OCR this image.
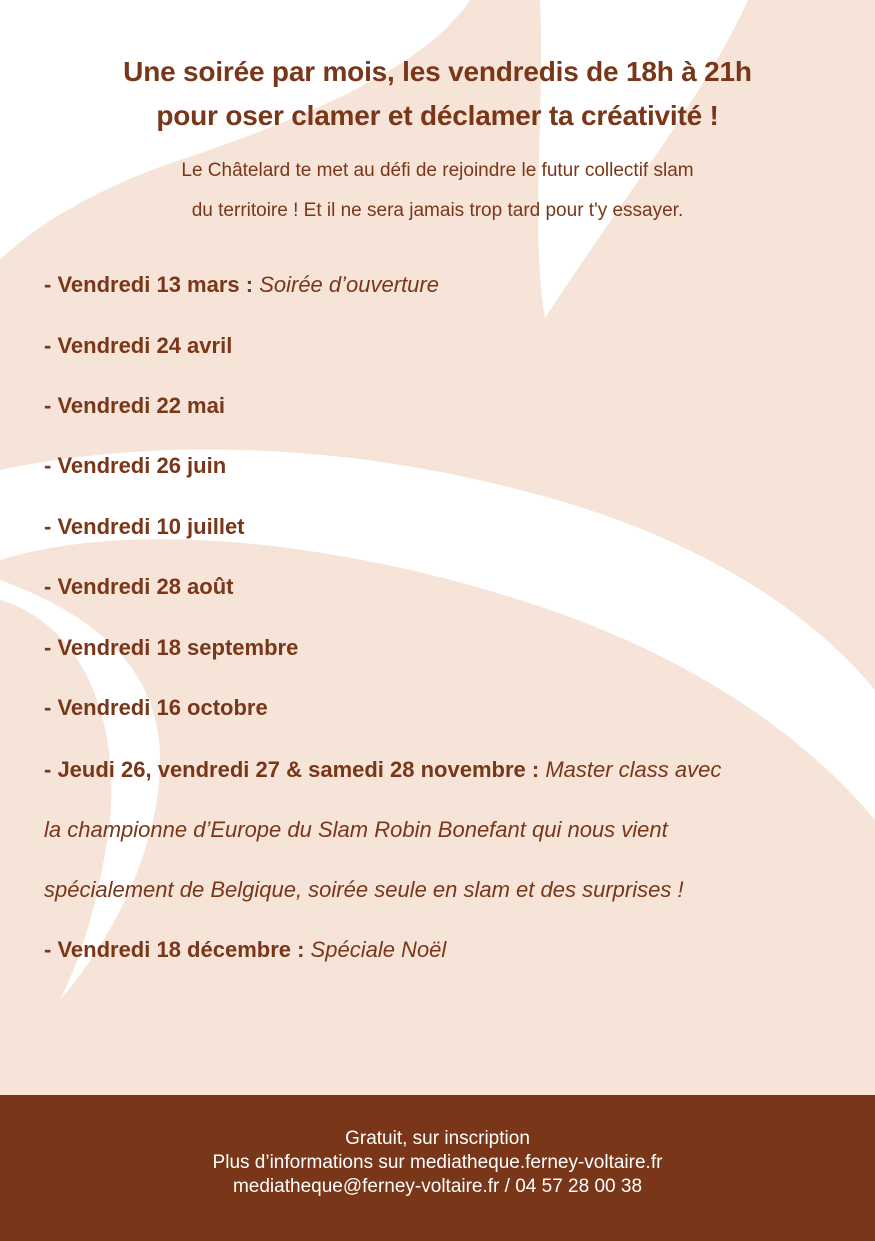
Une soirée par mois, les vendredis de 18h à 21h
pour oser clamer et déclamer ta créativité !
Le Châtelard te met au défi de rejoindre le futur collectif slam
du territoire ! Et il ne sera jamais trop tard pour t'y essayer.
- Vendredi 13 mars : Soirée d’ouverture
- Vendredi 24 avril
- Vendredi 22 mai
- Vendredi 26 juin
- Vendredi 10 juillet
- Vendredi 28 août
- Vendredi 18 septembre
- Vendredi 16 octobre
- Jeudi 26, vendredi 27 & samedi 28 novembre : Master class avec
la championne d’Europe du Slam Robin Bonefant qui nous vient
spécialement de Belgique, soirée seule en slam et des surprises !
- Vendredi 18 décembre : Spéciale Noël
Gratuit, sur inscription
Plus d’informations sur mediatheque.ferney-voltaire.fr
mediatheque@ferney-voltaire.fr / 04 57 28 00 38
